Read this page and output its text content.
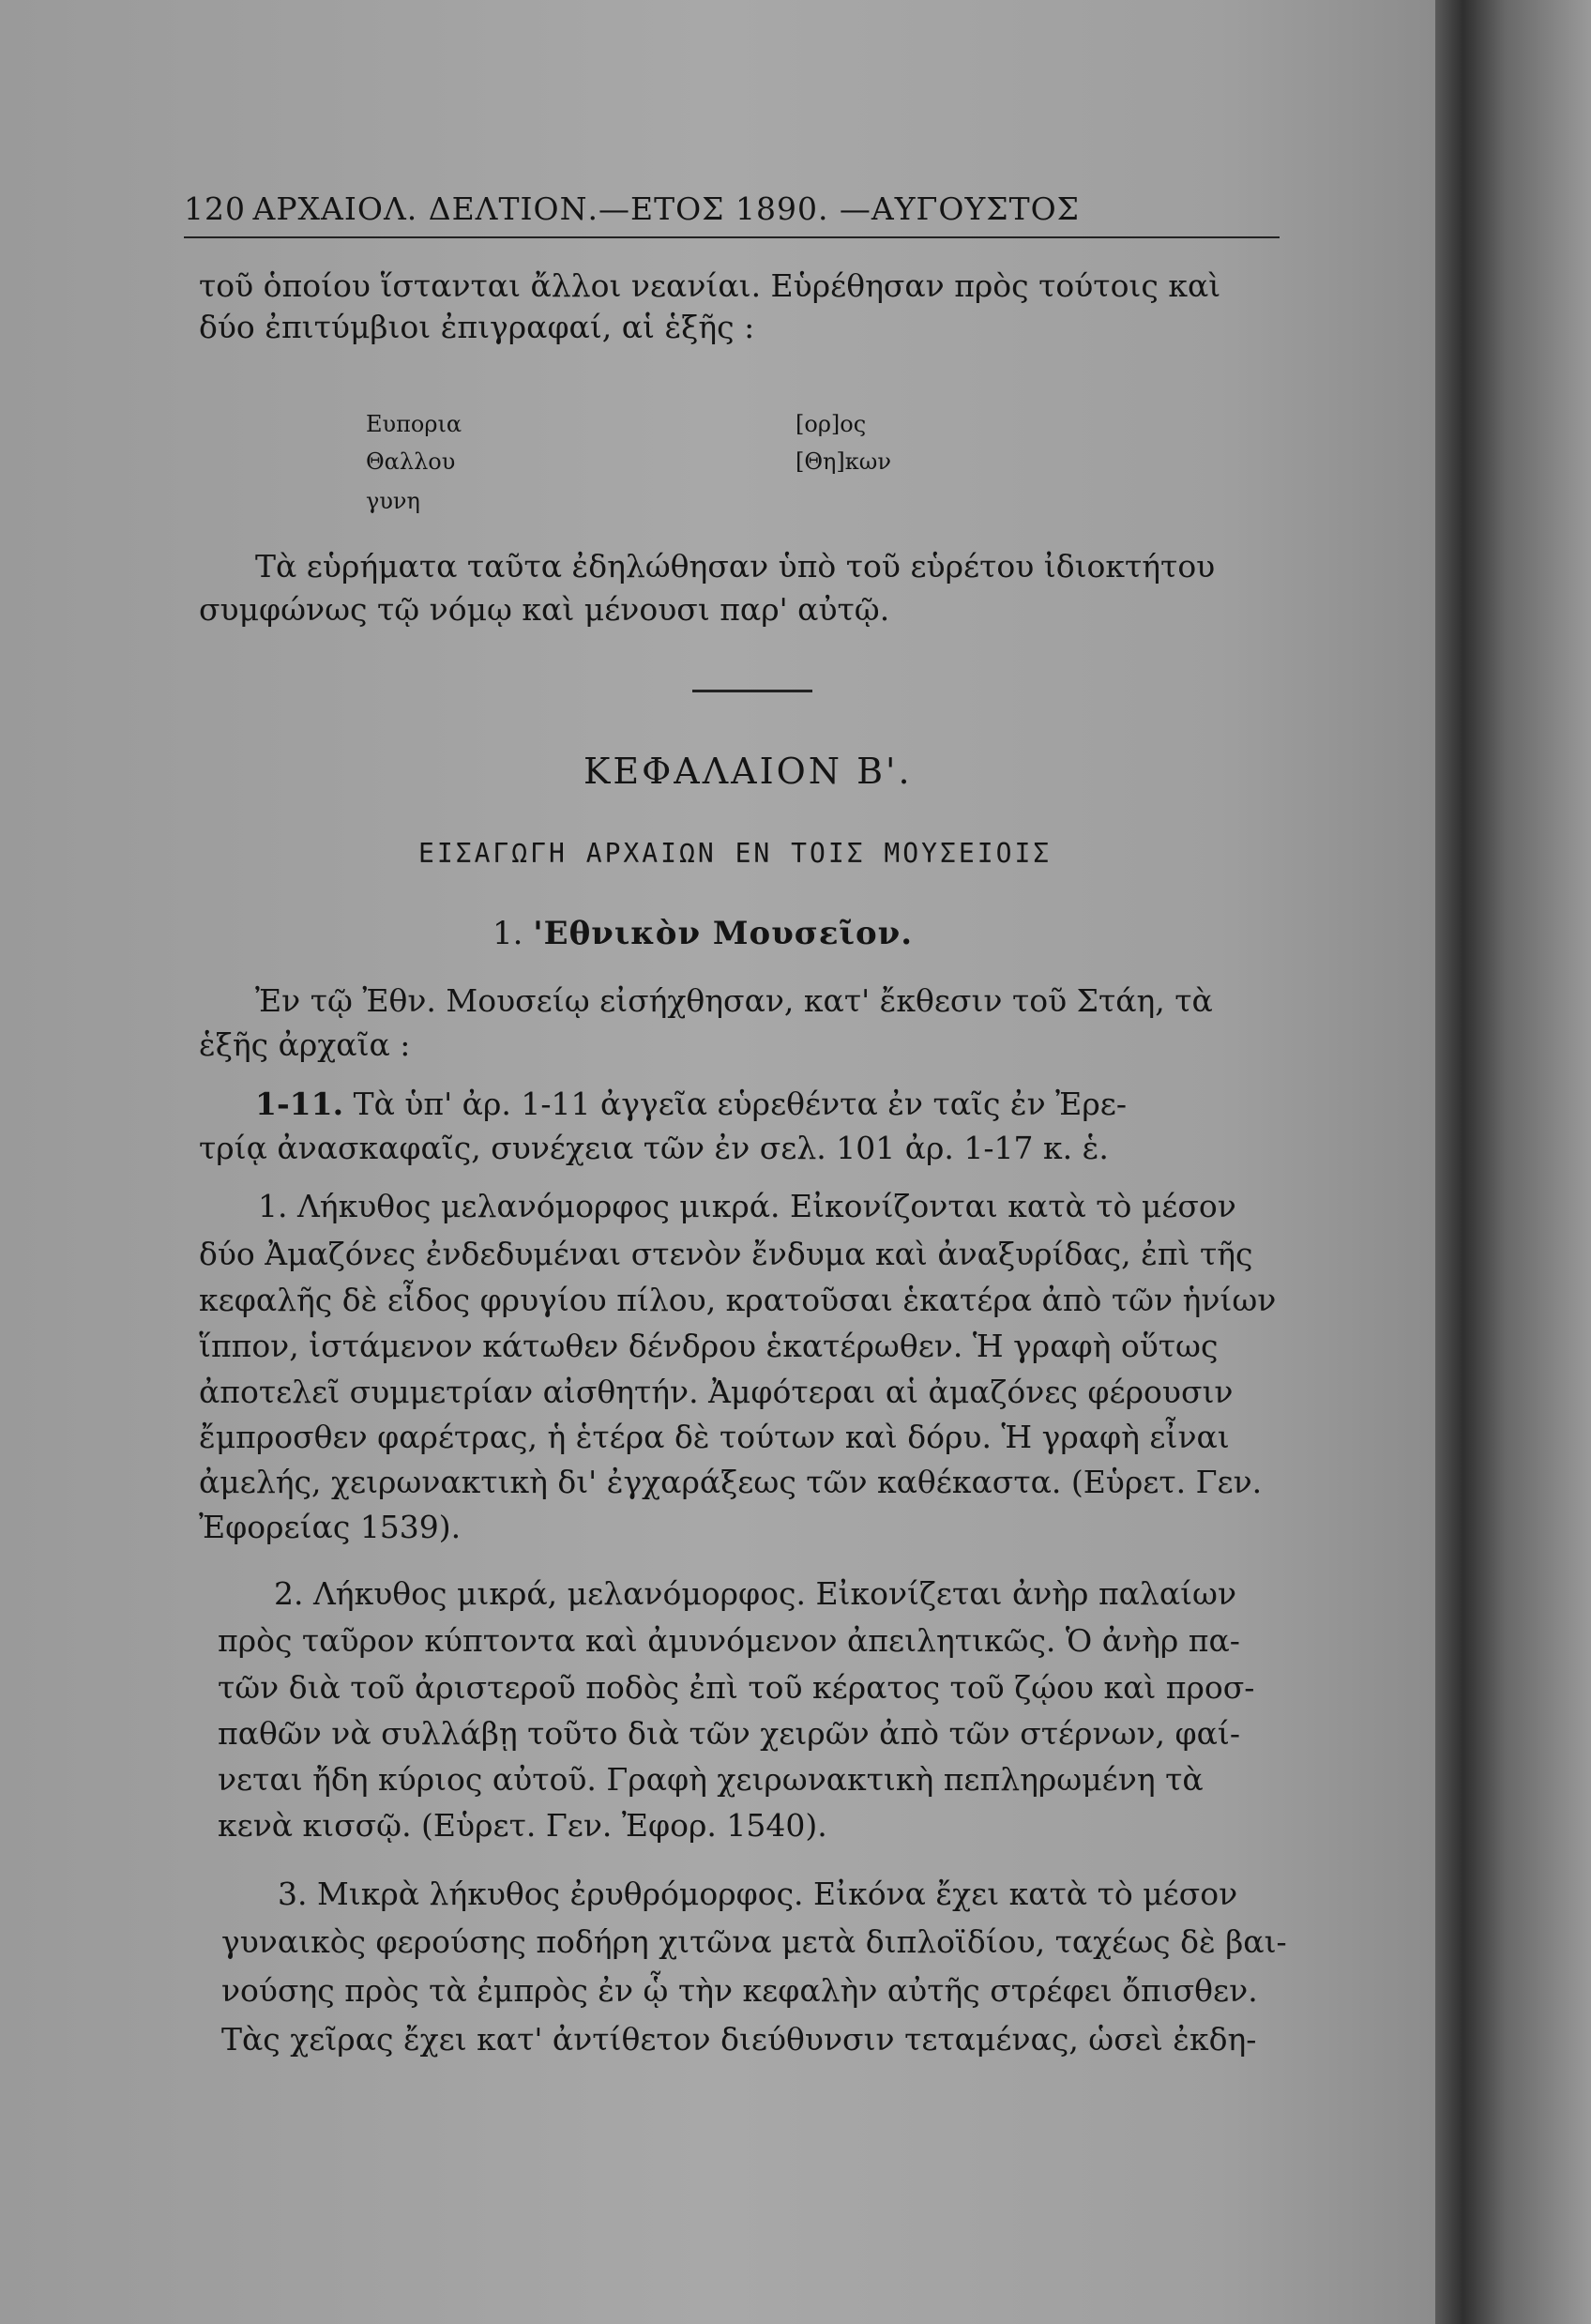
120 ΑΡΧΑΙΟΛ. ΔΕΛΤΙΟΝ.—ΕΤΟΣ 1890. —ΑΥΓΟΥΣΤΟΣ
τοῦ ὁποίου ἵστανται ἄλλοι νεανίαι. Εὑρέθησαν πρὸς τούτοις καὶ
δύο ἐπιτύμβιοι ἐπιγραφαί, αἱ ἑξῆς :
Ευπορια
Θαλλου
γυνη
[ορ]ος
[Θη]κων
Τὰ εὑρήματα ταῦτα ἐδηλώθησαν ὑπὸ τοῦ εὑρέτου ἰδιοκτήτου
συμφώνως τῷ νόμῳ καὶ μένουσι παρ' αὐτῷ.
ΚΕΦΑΛΑΙΟΝ Β'.
ΕΙΣΑΓΩΓΗ ΑΡΧΑΙΩΝ ΕΝ ΤΟΙΣ ΜΟΥΣΕΙΟΙΣ
1. 'Εθνικὸν Μουσεῖον.
Ἐν τῷ Ἐθν. Μουσείῳ εἰσήχθησαν, κατ' ἔκθεσιν τοῦ Στάη, τὰ
ἑξῆς ἀρχαῖα :
1-11. Τὰ ὑπ' ἀρ. 1-11 ἀγγεῖα εὑρεθέντα ἐν ταῖς ἐν Ἐρε-
τρίᾳ ἀνασκαφαῖς, συνέχεια τῶν ἐν σελ. 101 ἀρ. 1-17 κ. ἑ.
1. Λήκυθος μελανόμορφος μικρά. Εἰκονίζονται κατὰ τὸ μέσον
δύο Ἀμαζόνες ἐνδεδυμέναι στενὸν ἔνδυμα καὶ ἀναξυρίδας, ἐπὶ τῆς
κεφαλῆς δὲ εἶδος φρυγίου πίλου, κρατοῦσαι ἑκατέρα ἀπὸ τῶν ἡνίων
ἵππον, ἱστάμενον κάτωθεν δένδρου ἑκατέρωθεν. Ἡ γραφὴ οὕτως
ἀποτελεῖ συμμετρίαν αἰσθητήν. Ἀμφότεραι αἱ ἀμαζόνες φέρουσιν
ἔμπροσθεν φαρέτρας, ἡ ἑτέρα δὲ τούτων καὶ δόρυ. Ἡ γραφὴ εἶναι
ἀμελής, χειρωνακτικὴ δι' ἐγχαράξεως τῶν καθέκαστα. (Εὑρετ. Γεν.
Ἐφορείας 1539).
2. Λήκυθος μικρά, μελανόμορφος. Εἰκονίζεται ἀνὴρ παλαίων
πρὸς ταῦρον κύπτοντα καὶ ἀμυνόμενον ἀπειλητικῶς. Ὁ ἀνὴρ πα-
τῶν διὰ τοῦ ἀριστεροῦ ποδὸς ἐπὶ τοῦ κέρατος τοῦ ζῴου καὶ προσ-
παθῶν νὰ συλλάβῃ τοῦτο διὰ τῶν χειρῶν ἀπὸ τῶν στέρνων, φαί-
νεται ἤδη κύριος αὐτοῦ. Γραφὴ χειρωνακτικὴ πεπληρωμένη τὰ
κενὰ κισσῷ. (Εὑρετ. Γεν. Ἐφορ. 1540).
3. Μικρὰ λήκυθος ἐρυθρόμορφος. Εἰκόνα ἔχει κατὰ τὸ μέσον
γυναικὸς φερούσης ποδήρη χιτῶνα μετὰ διπλοϊδίου, ταχέως δὲ βαι-
νούσης πρὸς τὰ ἐμπρὸς ἐν ᾧ τὴν κεφαλὴν αὐτῆς στρέφει ὄπισθεν.
Τὰς χεῖρας ἔχει κατ' ἀντίθετον διεύθυνσιν τεταμένας, ὡσεὶ ἐκδη-
